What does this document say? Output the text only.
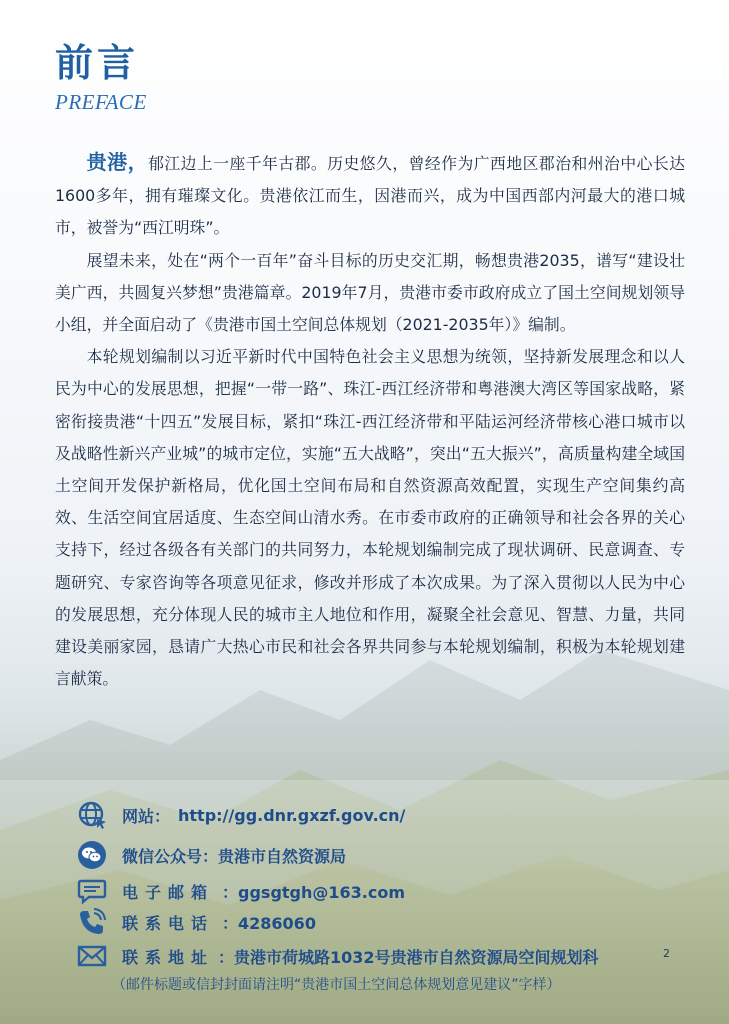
前言
PREFACE

贵港，郁江边上一座千年古郡。历史悠久，曾经作为广西地区郡治和州治中心长达1600多年，拥有璀璨文化。贵港依江而生，因港而兴，成为中国西部内河最大的港口城市，被誉为“西江明珠”。

展望未来，处在“两个一百年”奋斗目标的历史交汇期，畅想贵港2035，谱写“建设壮美广西，共圆复兴梦想”贵港篇章。2019年7月，贵港市委市政府成立了国土空间规划领导小组，并全面启动了《贵港市国土空间总体规划（2021-2035年）》编制。

本轮规划编制以习近平新时代中国特色社会主义思想为统领，坚持新发展理念和以人民为中心的发展思想，把握“一带一路”、珠江-西江经济带和粤港澳大湾区等国家战略，紧密衔接贵港“十四五”发展目标，紧扣“珠江-西江经济带和平陆运河经济带核心港口城市以及战略性新兴产业城”的城市定位，实施“五大战略”，突出“五大振兴”，高质量构建全域国土空间开发保护新格局，优化国土空间布局和自然资源高效配置，实现生产空间集约高效、生活空间宜居适度、生态空间山清水秀。在市委市政府的正确领导和社会各界的关心支持下，经过各级各有关部门的共同努力，本轮规划编制完成了现状调研、民意调查、专题研究、专家咨询等各项意见征求，修改并形成了本次成果。为了深入贯彻以人民为中心的发展思想，充分体现人民的城市主人地位和作用，凝聚全社会意见、智慧、力量，共同建设美丽家园，恳请广大热心市民和社会各界共同参与本轮规划编制，积极为本轮规划建言献策。

网站： http://gg.dnr.gxzf.gov.cn/
微信公众号： 贵港市自然资源局
电子邮箱 ：ggsgtgh@163.com
联系电话 ：4286060
联系地址 ：贵港市荷城路1032号贵港市自然资源局空间规划科	2
（邮件标题或信封封面请注明“贵港市国土空间总体规划意见建议”字样）
